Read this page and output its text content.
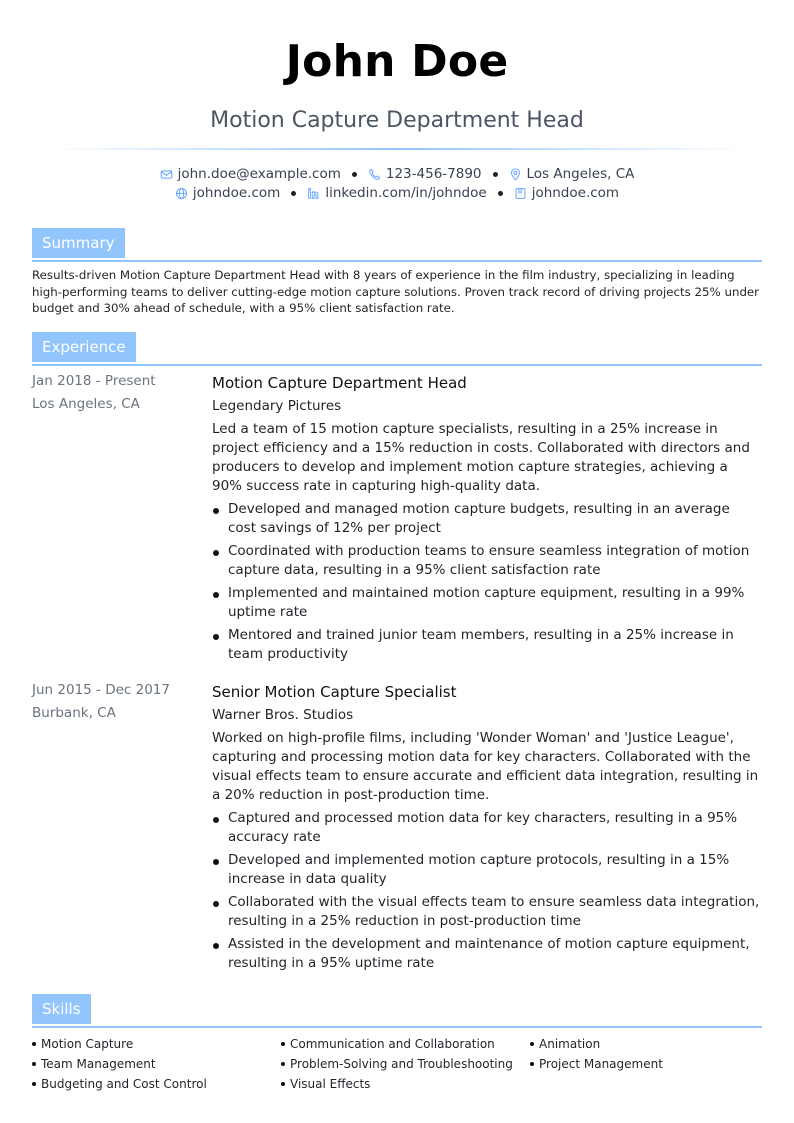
John Doe
Motion Capture Department Head
john.doe@example.com	123-456-7890	Los Angeles, CA
johndoe.com	linkedin.com/in/johndoe	johndoe.com
Summary
Results-driven Motion Capture Department Head with 8 years of experience in the film industry, specializing in leading high-performing teams to deliver cutting-edge motion capture solutions. Proven track record of driving projects 25% under budget and 30% ahead of schedule, with a 95% client satisfaction rate.
Experience
Jan 2018 - Present
Los Angeles, CA
Motion Capture Department Head
Legendary Pictures
Led a team of 15 motion capture specialists, resulting in a 25% increase in project efficiency and a 15% reduction in costs. Collaborated with directors and producers to develop and implement motion capture strategies, achieving a 90% success rate in capturing high-quality data.
Developed and managed motion capture budgets, resulting in an average cost savings of 12% per project
Coordinated with production teams to ensure seamless integration of motion capture data, resulting in a 95% client satisfaction rate
Implemented and maintained motion capture equipment, resulting in a 99% uptime rate
Mentored and trained junior team members, resulting in a 25% increase in team productivity
Jun 2015 - Dec 2017
Burbank, CA
Senior Motion Capture Specialist
Warner Bros. Studios
Worked on high-profile films, including 'Wonder Woman' and 'Justice League', capturing and processing motion data for key characters. Collaborated with the visual effects team to ensure accurate and efficient data integration, resulting in a 20% reduction in post-production time.
Captured and processed motion data for key characters, resulting in a 95% accuracy rate
Developed and implemented motion capture protocols, resulting in a 15% increase in data quality
Collaborated with the visual effects team to ensure seamless data integration, resulting in a 25% reduction in post-production time
Assisted in the development and maintenance of motion capture equipment, resulting in a 95% uptime rate
Skills
Motion Capture
Team Management
Budgeting and Cost Control
Communication and Collaboration
Problem-Solving and Troubleshooting
Visual Effects
Animation
Project Management
